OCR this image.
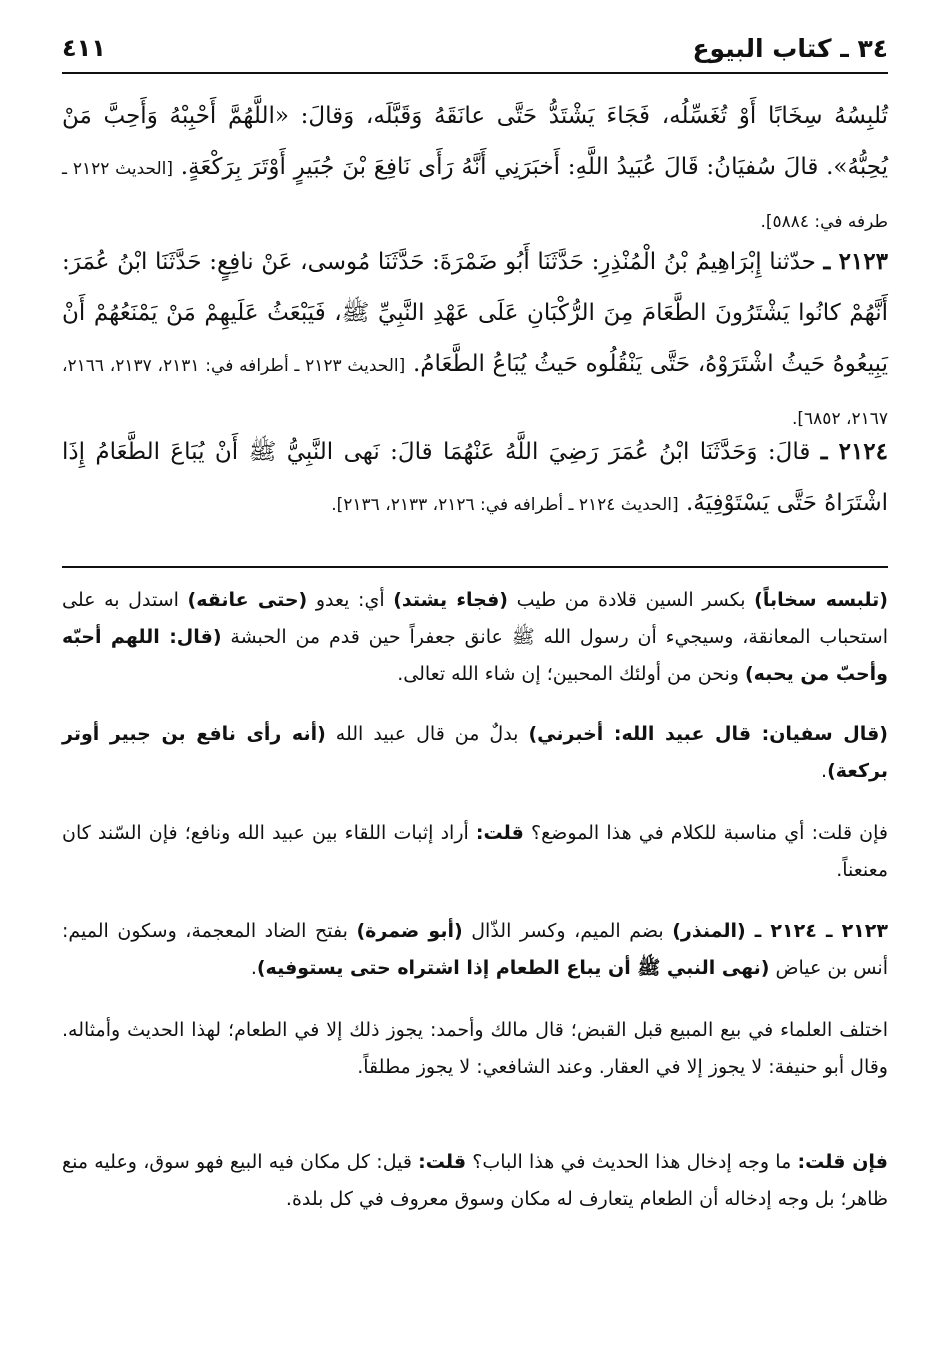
٣٤ ـ كتاب البيوع
٤١١
تُلبِسُهُ سِخَابًا أَوْ تُغَسِّلُه، فَجَاءَ يَشْتَدُّ حَتَّى عانَقَهُ وَقَبَّلَه، وَقالَ: «اللَّهُمَّ أَحْبِبْهُ وَأَحِبَّ مَنْ يُحِبُّهُ». قالَ سُفيَانُ: قَالَ عُبَيدُ اللَّهِ: أَخبَرَنِي أَنَّهُ رَأَى نَافِعَ بْنَ جُبَيرٍ أَوْتَرَ بِرَكْعَةٍ. [الحديث ٢١٢٢ ـ طرفه في: ٥٨٨٤].
٢١٢٣ ـ حدّثنا إِبْرَاهِيمُ بْنُ الْمُنْذِرِ: حَدَّثَنَا أَبُو ضَمْرَةَ: حَدَّثَنَا مُوسى، عَنْ نافِعٍ: حَدَّثَنَا ابْنُ عُمَرَ: أَنَّهُمْ كانُوا يَشْتَرُونَ الطَّعَامَ مِنَ الرُّكْبَانِ عَلَى عَهْدِ النَّبِيِّ ﷺ، فَيَبْعَثُ عَلَيهِمْ مَنْ يَمْنَعُهُمْ أَنْ يَبِيعُوهُ حَيثُ اشْتَرَوْهُ، حَتَّى يَنْقُلُوه حَيثُ يُبَاعُ الطَّعَامُ. [الحديث ٢١٢٣ ـ أطرافه في: ٢١٣١، ٢١٣٧، ٢١٦٦، ٢١٦٧، ٦٨٥٢].
٢١٢٤ ـ قالَ: وَحَدَّثَنَا ابْنُ عُمَرَ رَضِيَ اللَّهُ عَنْهُمَا قالَ: نَهى النَّبِيُّ ﷺ أَنْ يُبَاعَ الطَّعَامُ إِذَا اشْتَرَاهُ حَتَّى يَسْتَوْفِيَهُ. [الحديث ٢١٢٤ ـ أطرافه في: ٢١٢٦، ٢١٣٣، ٢١٣٦].
(تلبسه سخاباً) بكسر السين قلادة من طيب (فجاء يشتد) أي: يعدو (حتى عانقه) استدل به على استحباب المعانقة، وسيجيء أن رسول الله ﷺ عانق جعفراً حين قدم من الحبشة (قال: اللهم أحبّه وأحبّ من يحبه) ونحن من أولئك المحبين؛ إن شاء الله تعالى.
(قال سفيان: قال عبيد الله: أخبرني) بدلٌ من قال عبيد الله (أنه رأى نافع بن جبير أوتر بركعة).
فإن قلت: أي مناسبة للكلام في هذا الموضع؟ قلت: أراد إثبات اللقاء بين عبيد الله ونافع؛ فإن السّند كان معنعناً.
٢١٢٣ ـ ٢١٢٤ ـ (المنذر) بضم الميم، وكسر الذّال (أبو ضمرة) بفتح الضاد المعجمة، وسكون الميم: أنس بن عياض (نهى النبي ﷺ أن يباع الطعام إذا اشتراه حتى يستوفيه).
اختلف العلماء في بيع المبيع قبل القبض؛ قال مالك وأحمد: يجوز ذلك إلا في الطعام؛ لهذا الحديث وأمثاله. وقال أبو حنيفة: لا يجوز إلا في العقار. وعند الشافعي: لا يجوز مطلقاً.
فإن قلت: ما وجه إدخال هذا الحديث في هذا الباب؟ قلت: قيل: كل مكان فيه البيع فهو سوق، وعليه منع ظاهر؛ بل وجه إدخاله أن الطعام يتعارف له مكان وسوق معروف في كل بلدة.
